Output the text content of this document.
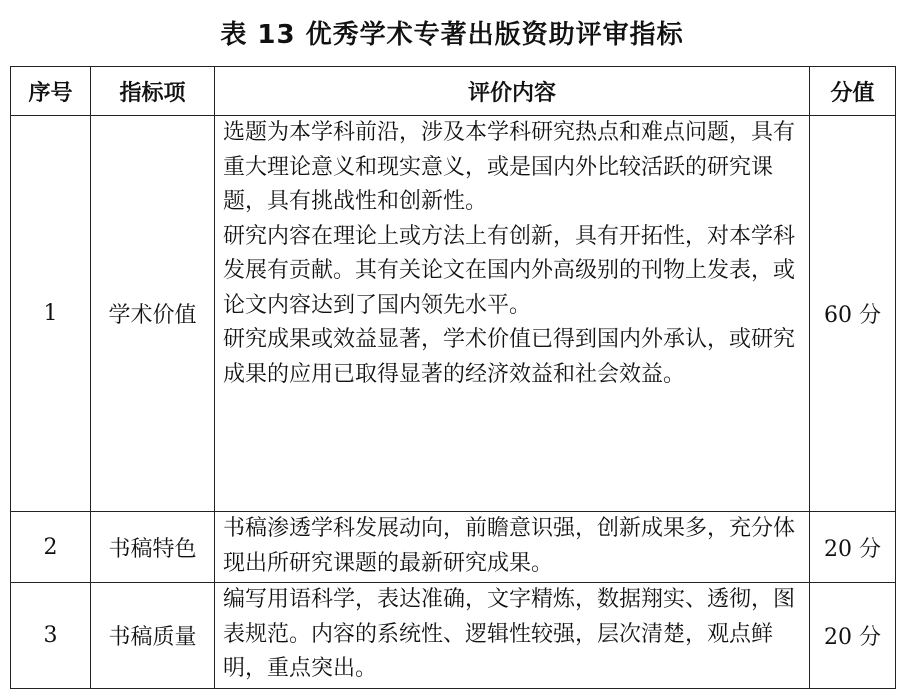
表 13 优秀学术专著出版资助评审指标
序号	指标项	评价内容	分值
1	学术价值	选题为本学科前沿，涉及本学科研究热点和难点问题，具有重大理论意义和现实意义，或是国内外比较活跃的研究课题，具有挑战性和创新性。
研究内容在理论上或方法上有创新，具有开拓性，对本学科发展有贡献。其有关论文在国内外高级别的刊物上发表，或论文内容达到了国内领先水平。
研究成果或效益显著，学术价值已得到国内外承认，或研究成果的应用已取得显著的经济效益和社会效益。	60 分
2	书稿特色	书稿渗透学科发展动向，前瞻意识强，创新成果多，充分体现出所研究课题的最新研究成果。	20 分
3	书稿质量	编写用语科学，表达准确，文字精炼，数据翔实、透彻，图表规范。内容的系统性、逻辑性较强，层次清楚，观点鲜明，重点突出。	20 分
